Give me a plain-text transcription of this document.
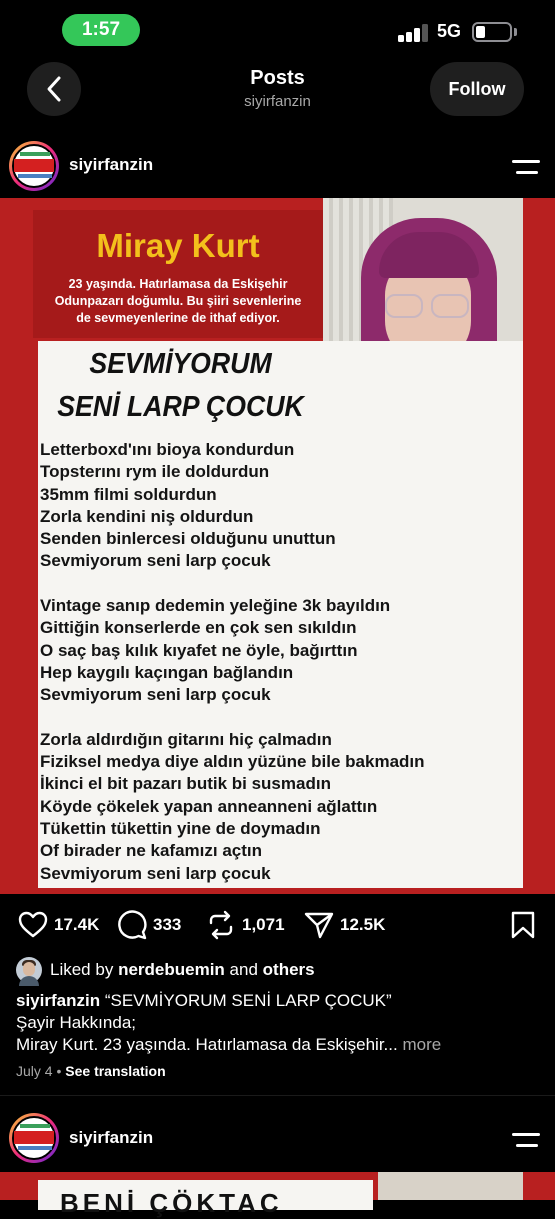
1:57	5G
Posts
siyirfanzin
Follow
siyirfanzin
Miray Kurt
23 yaşında. Hatırlamasa da Eskişehir Odunpazarı doğumlu. Bu şiiri sevenlerine de sevmeyenlerine de ithaf ediyor.
SEVMİYORUM
SENİ LARP ÇOCUK
Letterboxd'ını bioya kondurdun
Topsterını rym ile doldurdun
35mm filmi soldurdun
Zorla kendini niş oldurdun
Senden binlercesi olduğunu unuttun
Sevmiyorum seni larp çocuk
Vintage sanıp dedemin yeleğine 3k bayıldın
Gittiğin konserlerde en çok sen sıkıldın
O saç baş kılık kıyafet ne öyle, bağırttın
Hep kaygılı kaçıngan bağlandın
Sevmiyorum seni larp çocuk
Zorla aldırdığın gitarını hiç çalmadın
Fiziksel medya diye aldın yüzüne bile bakmadın
İkinci el bit pazarı butik bi susmadın
Köyde çökelek yapan anneanneni ağlattın
Tükettin tükettin yine de doymadın
Of birader ne kafamızı açtın
Sevmiyorum seni larp çocuk
17.4K	333	1,071	12.5K
Liked by nerdebuemin and others
siyirfanzin “SEVMİYORUM SENİ LARP ÇOCUK”
Şayir Hakkında;
Miray Kurt. 23 yaşında. Hatırlamasa da Eskişehir... more
July 4 • See translation
siyirfanzin
BENİ ÇÖKTAC
